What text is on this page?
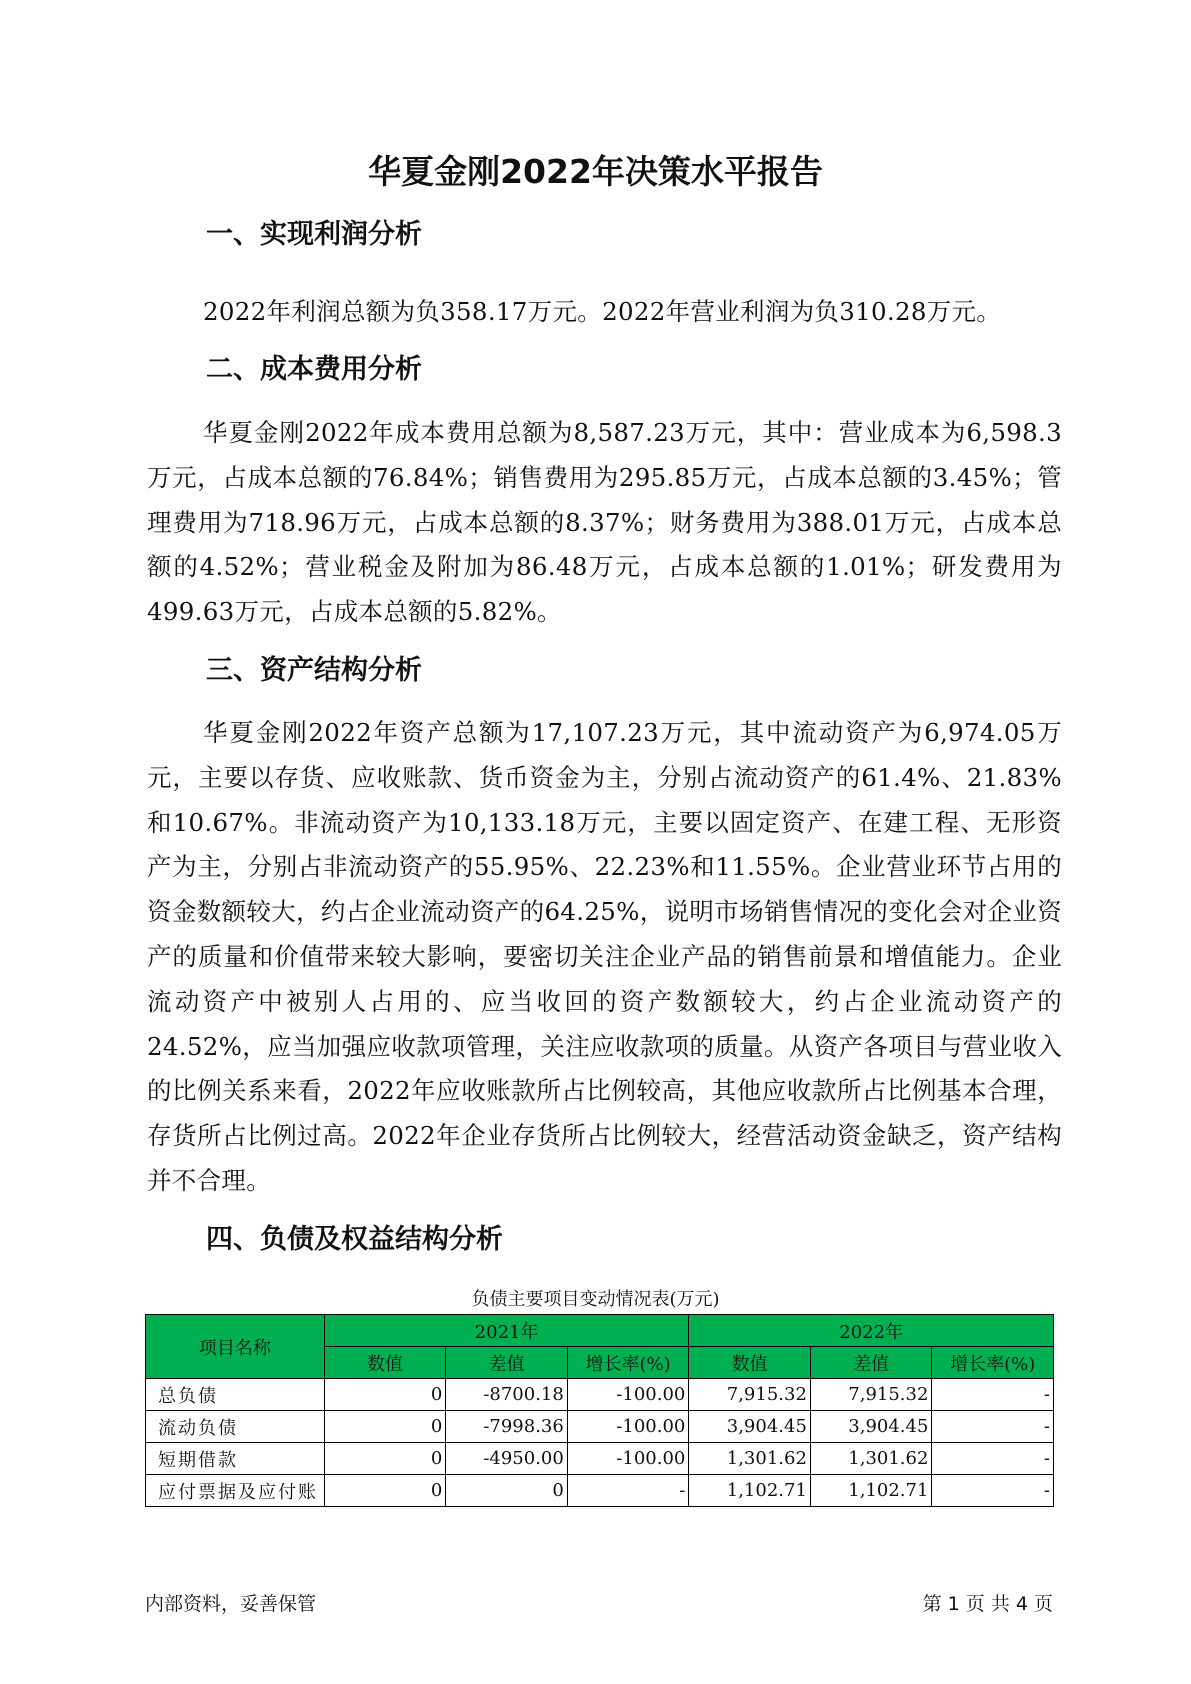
华夏金刚2022年决策水平报告
一、实现利润分析

2022年利润总额为负358.17万元。2022年营业利润为负310.28万元。

二、成本费用分析

华夏金刚2022年成本费用总额为8,587.23万元，其中：营业成本为6,598.3万元，占成本总额的76.84%；销售费用为295.85万元，占成本总额的3.45%；管理费用为718.96万元，占成本总额的8.37%；财务费用为388.01万元，占成本总额的4.52%；营业税金及附加为86.48万元，占成本总额的1.01%；研发费用为499.63万元，占成本总额的5.82%。

三、资产结构分析

华夏金刚2022年资产总额为17,107.23万元，其中流动资产为6,974.05万元，主要以存货、应收账款、货币资金为主，分别占流动资产的61.4%、21.83%和10.67%。非流动资产为10,133.18万元，主要以固定资产、在建工程、无形资产为主，分别占非流动资产的55.95%、22.23%和11.55%。企业营业环节占用的资金数额较大，约占企业流动资产的64.25%，说明市场销售情况的变化会对企业资产的质量和价值带来较大影响，要密切关注企业产品的销售前景和增值能力。企业流动资产中被别人占用的、应当收回的资产数额较大，约占企业流动资产的24.52%，应当加强应收款项管理，关注应收款项的质量。从资产各项目与营业收入的比例关系来看，2022年应收账款所占比例较高，其他应收款所占比例基本合理，存货所占比例过高。2022年企业存货所占比例较大，经营活动资金缺乏，资产结构并不合理。

四、负债及权益结构分析
负债主要项目变动情况表(万元)
项目名称	2021年			2022年		
	数值	差值	增长率(%)	数值	差值	增长率(%)
总负债	0	-8700.18	-100.00	7,915.32	7,915.32	-
流动负债	0	-7998.36	-100.00	3,904.45	3,904.45	-
短期借款	0	-4950.00	-100.00	1,301.62	1,301.62	-
应付票据及应付账	0	0	-	1,102.71	1,102.71	-
内部资料，妥善保管	第 1 页 共 4 页
